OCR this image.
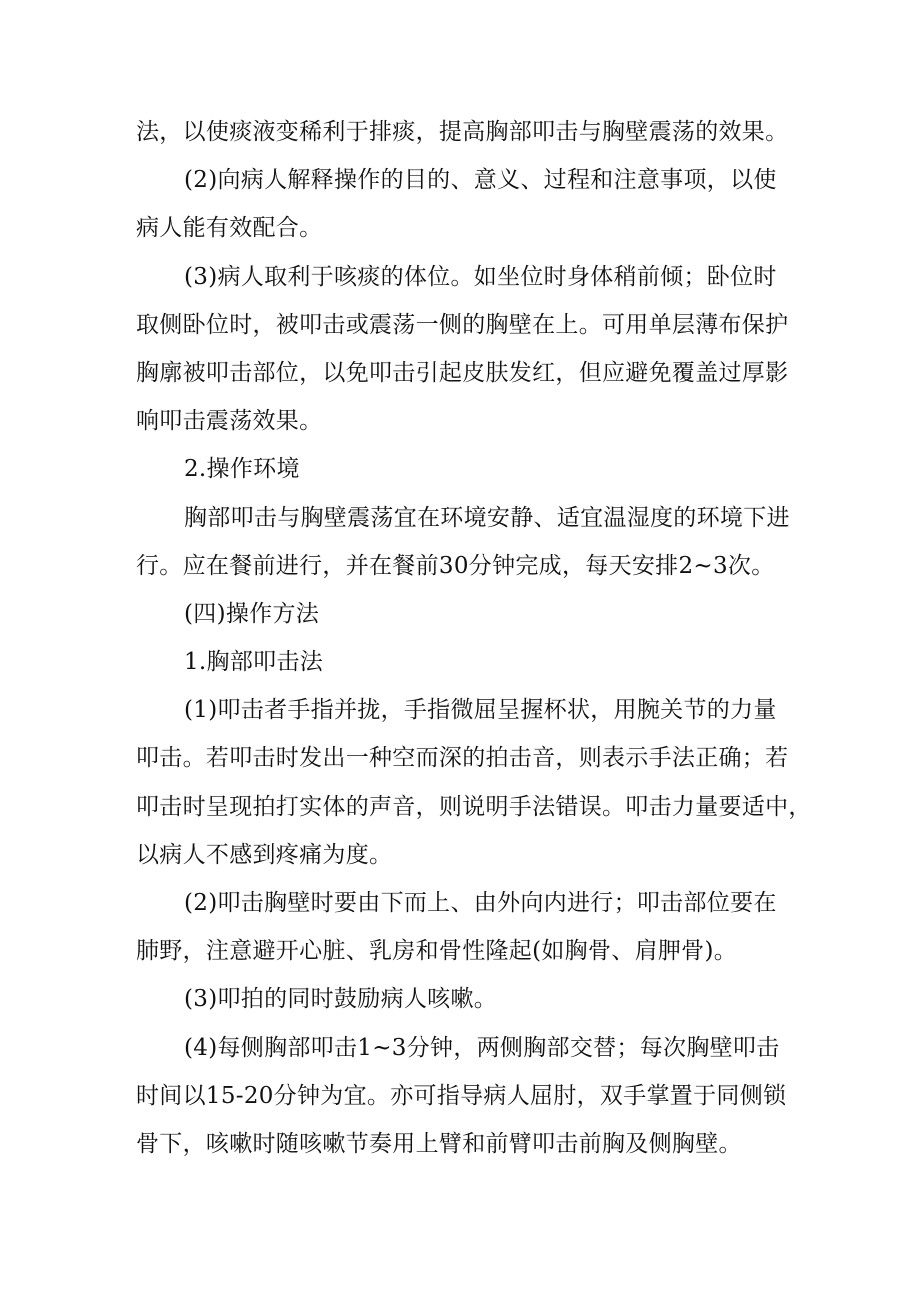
法，以使痰液变稀利于排痰，提高胸部叩击与胸壁震荡的效果。
(2)向病人解释操作的目的、意义、过程和注意事项，以使
病人能有效配合。
(3)病人取利于咳痰的体位。如坐位时身体稍前倾；卧位时
取侧卧位时，被叩击或震荡一侧的胸壁在上。可用单层薄布保护
胸廓被叩击部位，以免叩击引起皮肤发红，但应避免覆盖过厚影
响叩击震荡效果。
2.操作环境
胸部叩击与胸壁震荡宜在环境安静、适宜温湿度的环境下进
行。应在餐前进行，并在餐前30分钟完成，每天安排2~3次。
(四)操作方法
1.胸部叩击法
(1)叩击者手指并拢，手指微屈呈握杯状，用腕关节的力量
叩击。若叩击时发出一种空而深的拍击音，则表示手法正确；若
叩击时呈现拍打实体的声音，则说明手法错误。叩击力量要适中，
以病人不感到疼痛为度。
(2)叩击胸壁时要由下而上、由外向内进行；叩击部位要在
肺野，注意避开心脏、乳房和骨性隆起(如胸骨、肩胛骨)。
(3)叩拍的同时鼓励病人咳嗽。
(4)每侧胸部叩击1~3分钟，两侧胸部交替；每次胸壁叩击
时间以15-20分钟为宜。亦可指导病人屈肘，双手掌置于同侧锁
骨下，咳嗽时随咳嗽节奏用上臂和前臂叩击前胸及侧胸壁。
